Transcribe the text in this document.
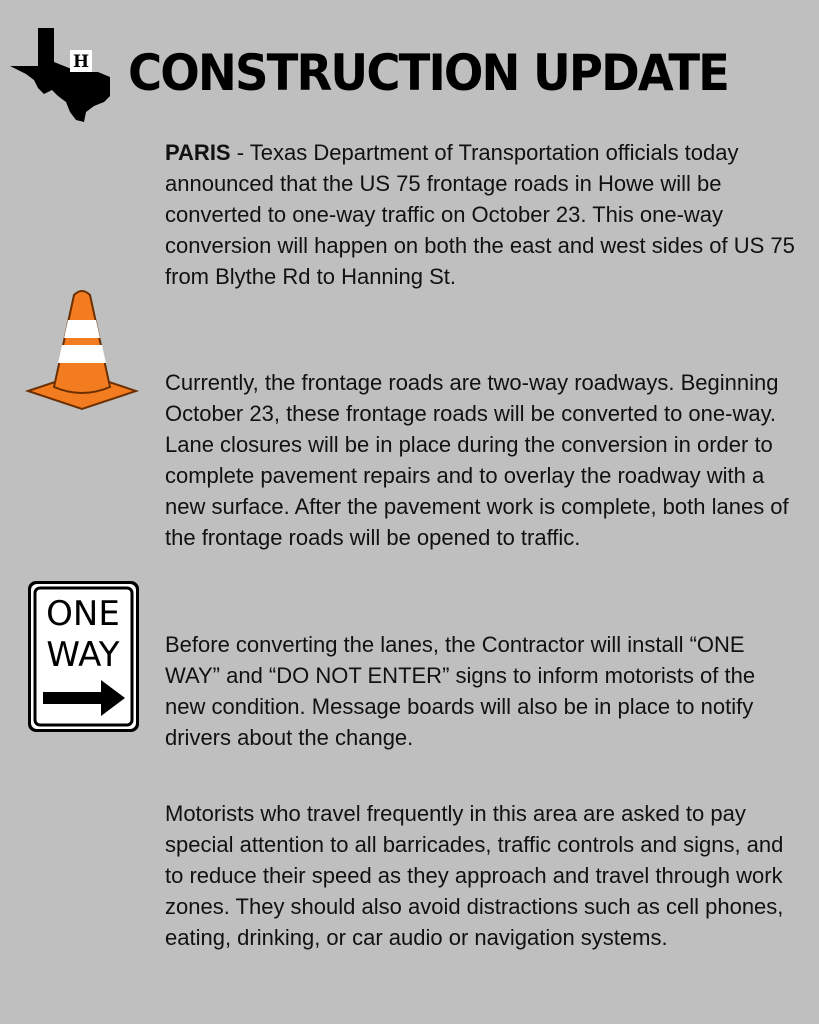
H CONSTRUCTION UPDATE

PARIS - Texas Department of Transportation officials today announced that the US 75 frontage roads in Howe will be converted to one-way traffic on October 23. This one-way conversion will happen on both the east and west sides of US 75 from Blythe Rd to Hanning St.

Currently, the frontage roads are two-way roadways. Beginning October 23, these frontage roads will be converted to one-way. Lane closures will be in place during the conversion in order to complete pavement repairs and to overlay the roadway with a new surface. After the pavement work is complete, both lanes of the frontage roads will be opened to traffic.

ONE
WAY Before converting the lanes, the Contractor will install “ONE WAY” and “DO NOT ENTER” signs to inform motorists of the new condition. Message boards will also be in place to notify drivers about the change.

Motorists who travel frequently in this area are asked to pay special attention to all barricades, traffic controls and signs, and to reduce their speed as they approach and travel through work zones. They should also avoid distractions such as cell phones, eating, drinking, or car audio or navigation systems.
